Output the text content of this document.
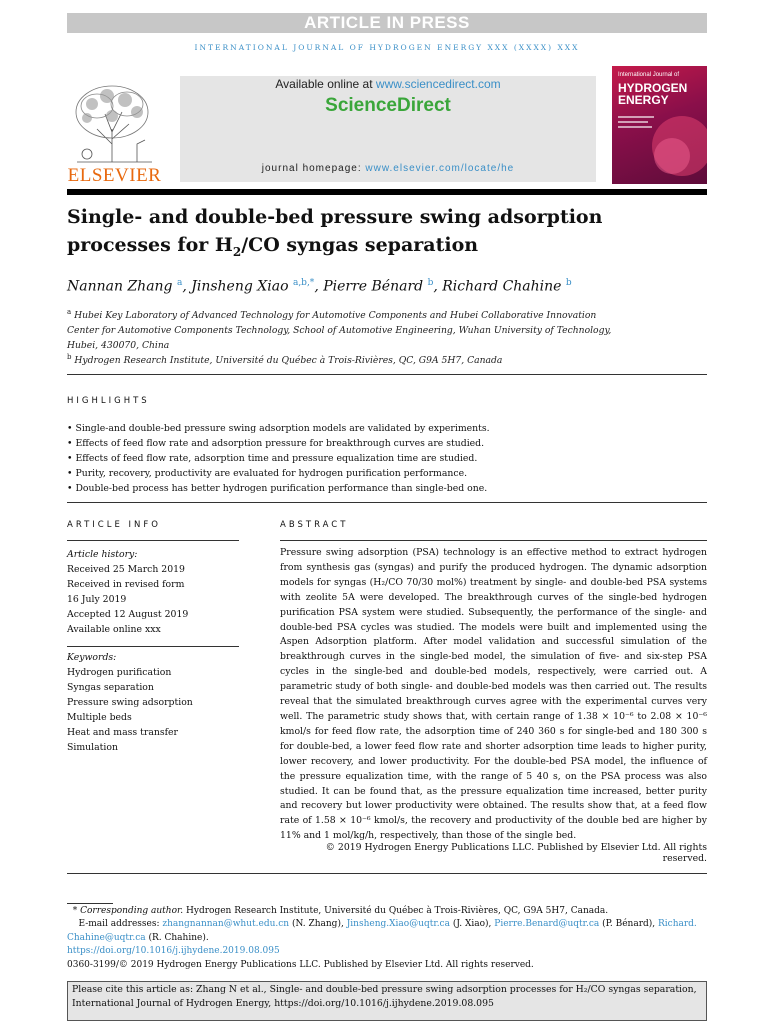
ARTICLE IN PRESS
INTERNATIONAL JOURNAL OF HYDROGEN ENERGY XXX (XXXX) XXX
ELSEVIER
Available online at www.sciencedirect.com
ScienceDirect
journal homepage: www.elsevier.com/locate/he
International Journal of
HYDROGEN
ENERGY
Single- and double-bed pressure swing adsorption
processes for $H_2/CO$ syngas separation
Nannan Zhang $^a$, Jinsheng Xiao $^{a,b,*}$, Pierre Bénard $^b$, Richard Chahine $^b$
$^a$ Hubei Key Laboratory of Advanced Technology for Automotive Components and Hubei Collaborative Innovation
Center for Automotive Components Technology, School of Automotive Engineering, Wuhan University of Technology,
Hubei, 430070, China
$^b$ Hydrogen Research Institute, Université du Québec à Trois-Rivières, QC, G9A 5H7, Canada
HIGHLIGHTS
• Single-and double-bed pressure swing adsorption models are validated by experiments.
• Effects of feed flow rate and adsorption pressure for breakthrough curves are studied.
• Effects of feed flow rate, adsorption time and pressure equalization time are studied.
• Purity, recovery, productivity are evaluated for hydrogen purification performance.
• Double-bed process has better hydrogen purification performance than single-bed one.
ARTICLE INFO
Article history:
Received 25 March 2019
Received in revised form
16 July 2019
Accepted 12 August 2019
Available online xxx
Keywords:
Hydrogen purification
Syngas separation
Pressure swing adsorption
Multiple beds
Heat and mass transfer
Simulation
ABSTRACT

Pressure swing adsorption (PSA) technology is an effective method to extract hydrogen from synthesis gas (syngas) and purify the produced hydrogen. The dynamic adsorption models for syngas (H₂/CO 70/30 mol%) treatment by single- and double-bed PSA systems with zeolite 5A were developed. The breakthrough curves of the single-bed hydrogen purification PSA system were studied. Subsequently, the performance of the single- and double-bed PSA cycles was studied. The models were built and implemented using the Aspen Adsorption platform. After model validation and successful simulation of the breakthrough curves in the single-bed model, the simulation of five- and six-step PSA cycles in the single-bed and double-bed models, respectively, were carried out. A parametric study of both single- and double-bed models was then carried out. The results reveal that the simulated breakthrough curves agree with the experimental curves very well. The parametric study shows that, with certain range of 1.38 × 10⁻⁶ to 2.08 × 10⁻⁶ kmol/s for feed flow rate, the adsorption time of 240 360 s for single-bed and 180 300 s for double-bed, a lower feed flow rate and shorter adsorption time leads to higher purity, lower recovery, and lower productivity. For the double-bed PSA model, the influence of the pressure equalization time, with the range of 5 40 s, on the PSA process was also studied. It can be found that, as the pressure equalization time increased, better purity and recovery but lower productivity were obtained. The results show that, at a feed flow rate of 1.58 × 10⁻⁶ kmol/s, the recovery and productivity of the double bed are higher by 11% and 1 mol/kg/h, respectively, than those of the single bed.

© 2019 Hydrogen Energy Publications LLC. Published by Elsevier Ltd. All rights reserved.
* Corresponding author. Hydrogen Research Institute, Université du Québec à Trois-Rivières, QC, G9A 5H7, Canada.
E-mail addresses: zhangnannan@whut.edu.cn (N. Zhang), Jinsheng.Xiao@uqtr.ca (J. Xiao), Pierre.Benard@uqtr.ca (P. Bénard), Richard.
Chahine@uqtr.ca (R. Chahine).
https://doi.org/10.1016/j.ijhydene.2019.08.095
0360-3199/© 2019 Hydrogen Energy Publications LLC. Published by Elsevier Ltd. All rights reserved.
Please cite this article as: Zhang N et al., Single- and double-bed pressure swing adsorption processes for H₂/CO syngas separation,
International Journal of Hydrogen Energy, https://doi.org/10.1016/j.ijhydene.2019.08.095
